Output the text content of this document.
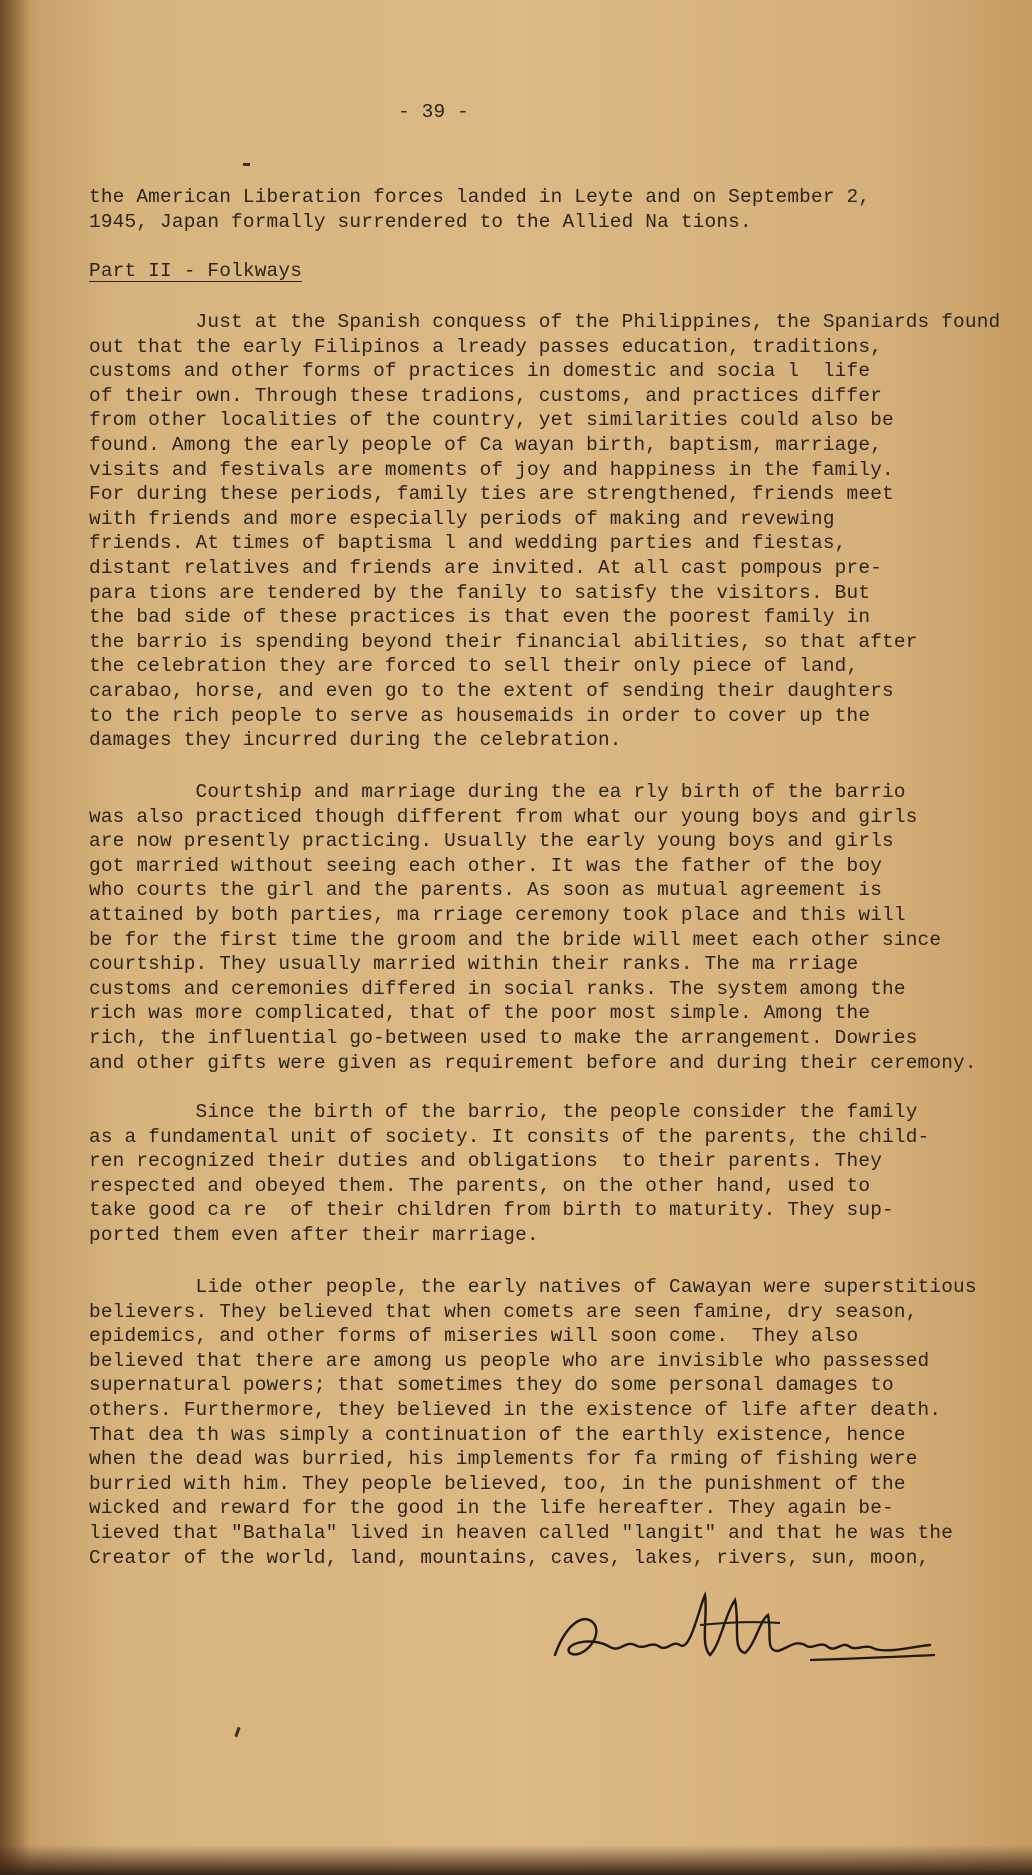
- 39 -
the American Liberation forces landed in Leyte and on September 2,
1945, Japan formally surrendered to the Allied Na tions.
Part II - Folkways
Just at the Spanish conquess of the Philippines, the Spaniards found
out that the early Filipinos a lready passes education, traditions,
customs and other forms of practices in domestic and socia l  life
of their own. Through these tradions, customs, and practices differ
from other localities of the country, yet similarities could also be
found. Among the early people of Ca wayan birth, baptism, marriage,
visits and festivals are moments of joy and happiness in the family.
For during these periods, family ties are strengthened, friends meet
with friends and more especially periods of making and revewing
friends. At times of baptisma l and wedding parties and fiestas,
distant relatives and friends are invited. At all cast pompous pre-
para tions are tendered by the fanily to satisfy the visitors. But
the bad side of these practices is that even the poorest family in
the barrio is spending beyond their financial abilities, so that after
the celebration they are forced to sell their only piece of land,
carabao, horse, and even go to the extent of sending their daughters
to the rich people to serve as housemaids in order to cover up the
damages they incurred during the celebration.
Courtship and marriage during the ea rly birth of the barrio
was also practiced though different from what our young boys and girls
are now presently practicing. Usually the early young boys and girls
got married without seeing each other. It was the father of the boy
who courts the girl and the parents. As soon as mutual agreement is
attained by both parties, ma rriage ceremony took place and this will
be for the first time the groom and the bride will meet each other since
courtship. They usually married within their ranks. The ma rriage
customs and ceremonies differed in social ranks. The system among the
rich was more complicated, that of the poor most simple. Among the
rich, the influential go-between used to make the arrangement. Dowries
and other gifts were given as requirement before and during their ceremony.
Since the birth of the barrio, the people consider the family
as a fundamental unit of society. It consits of the parents, the child-
ren recognized their duties and obligations  to their parents. They
respected and obeyed them. The parents, on the other hand, used to
take good ca re  of their children from birth to maturity. They sup-
ported them even after their marriage.
Lide other people, the early natives of Cawayan were superstitious
believers. They believed that when comets are seen famine, dry season,
epidemics, and other forms of miseries will soon come.  They also
believed that there are among us people who are invisible who passessed
supernatural powers; that sometimes they do some personal damages to
others. Furthermore, they believed in the existence of life after death.
That dea th was simply a continuation of the earthly existence, hence
when the dead was burried, his implements for fa rming of fishing were
burried with him. They people believed, too, in the punishment of the
wicked and reward for the good in the life hereafter. They again be-
lieved that "Bathala" lived in heaven called "langit" and that he was the
Creator of the world, land, mountains, caves, lakes, rivers, sun, moon,
